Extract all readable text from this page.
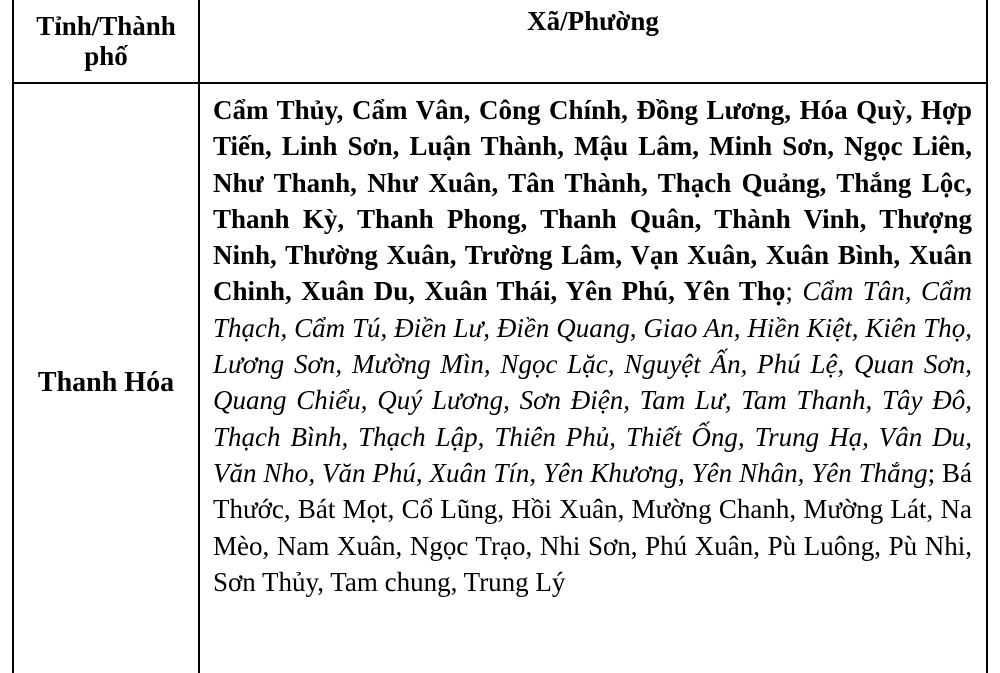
Tỉnh/Thành phố	Xã/Phường
Thanh Hóa	Cẩm Thủy, Cẩm Vân, Công Chính, Đồng Lương, Hóa Quỳ, Hợp Tiến, Linh Sơn, Luận Thành, Mậu Lâm, Minh Sơn, Ngọc Liên, Như Thanh, Như Xuân, Tân Thành, Thạch Quảng, Thắng Lộc, Thanh Kỳ, Thanh Phong, Thanh Quân, Thành Vinh, Thượng Ninh, Thường Xuân, Trường Lâm, Vạn Xuân, Xuân Bình, Xuân Chinh, Xuân Du, Xuân Thái, Yên Phú, Yên Thọ; Cẩm Tân, Cẩm Thạch, Cẩm Tú, Điền Lư, Điền Quang, Giao An, Hiền Kiệt, Kiên Thọ, Lương Sơn, Mường Mìn, Ngọc Lặc, Nguyệt Ấn, Phú Lệ, Quan Sơn, Quang Chiểu, Quý Lương, Sơn Điện, Tam Lư, Tam Thanh, Tây Đô, Thạch Bình, Thạch Lập, Thiên Phủ, Thiết Ống, Trung Hạ, Vân Du, Văn Nho, Văn Phú, Xuân Tín, Yên Khương, Yên Nhân, Yên Thắng; Bá Thước, Bát Mọt, Cổ Lũng, Hồi Xuân, Mường Chanh, Mường Lát, Na Mèo, Nam Xuân, Ngọc Trạo, Nhi Sơn, Phú Xuân, Pù Luông, Pù Nhi, Sơn Thủy, Tam chung, Trung Lý
